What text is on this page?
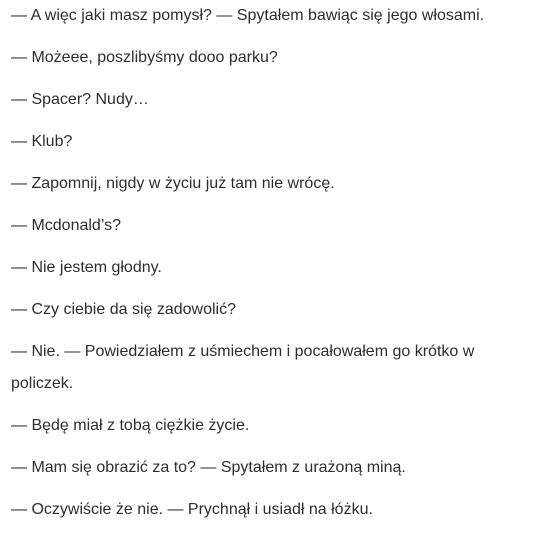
— A więc jaki masz pomysł? — Spytałem bawiąc się jego włosami.

— Możeee, poszlibyśmy dooo parku?

— Spacer? Nudy…

— Klub?

— Zapomnij, nigdy w życiu już tam nie wrócę.

— Mcdonald’s?

— Nie jestem głodny.

— Czy ciebie da się zadowolić?

— Nie. — Powiedziałem z uśmiechem i pocałowałem go krótko w policzek.

— Będę miał z tobą ciężkie życie.

— Mam się obrazić za to? — Spytałem z urażoną miną.

— Oczywiście że nie. — Prychnął i usiadł na łóżku.
